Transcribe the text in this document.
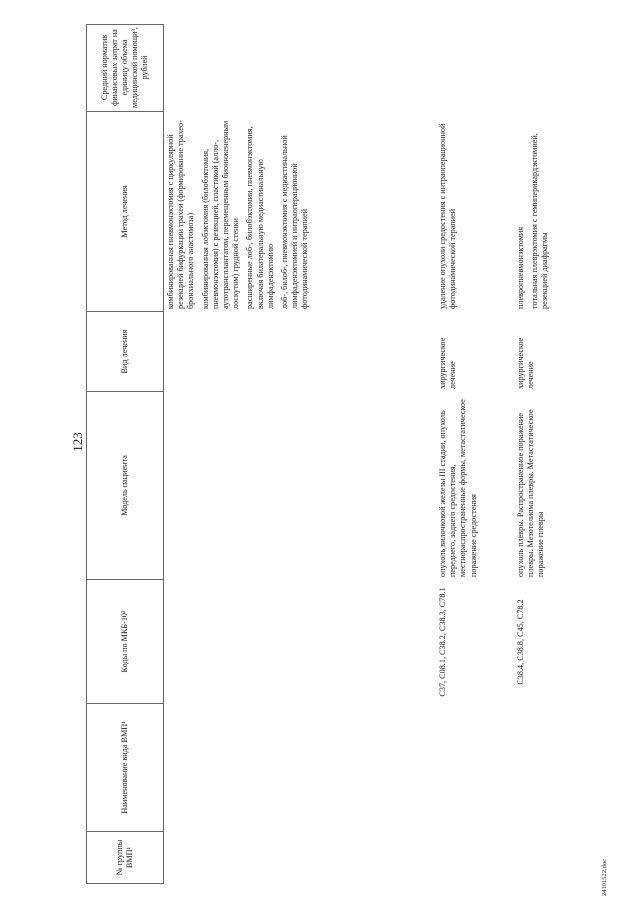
123
№ группы ВМП¹
Наименование вида ВМП¹
Коды по МКБ-10²
Модель пациента
Вид лечения
Метод лечения
Средний норматив финансовых затрат на единицу объема медицинской помощи³, рублей

комбинированная пневмонэктомия с циркулярной резекцией бифуркации трахеи (формирование трахео-бронхиального анастомоза) комбинированная лобэктомия (билобэктомия, пневмонэктомия) с резекцией, пластикой (алло-, аутотрансплантатом, перемещенным биоинженерным лоскутом) грудной стенки расширенные лоб-, билобэктомии, пневмонэктомия, включая билатеральную медиастинальную лимфаденэктомию лоб-, билоб-, пневмонэктомия с медиастинальной лимфаденэктомией и интраоперационной фотодинамической терапией

C37, C08.1, C38.2, C38.3, C78.1
опухоль вилочковой железы III стадии, опухоль переднего, заднего средостения, местнораспространенные формы, метастатическое поражение средостения
хирургическое лечение

удаление опухоли средостения с интраоперационной фотодинамической терапией

C38.4, C38.8, C45, C78.2
опухоль плевры. Распространенное поражение плевры. Мезотелиома плевры. Метастатическое поражение плевры
хирургическое лечение

плевропневмонэктомия тотальная плеврэктомия с гемиперикардэктомией, резекцией диафрагмы

24101522.doc
